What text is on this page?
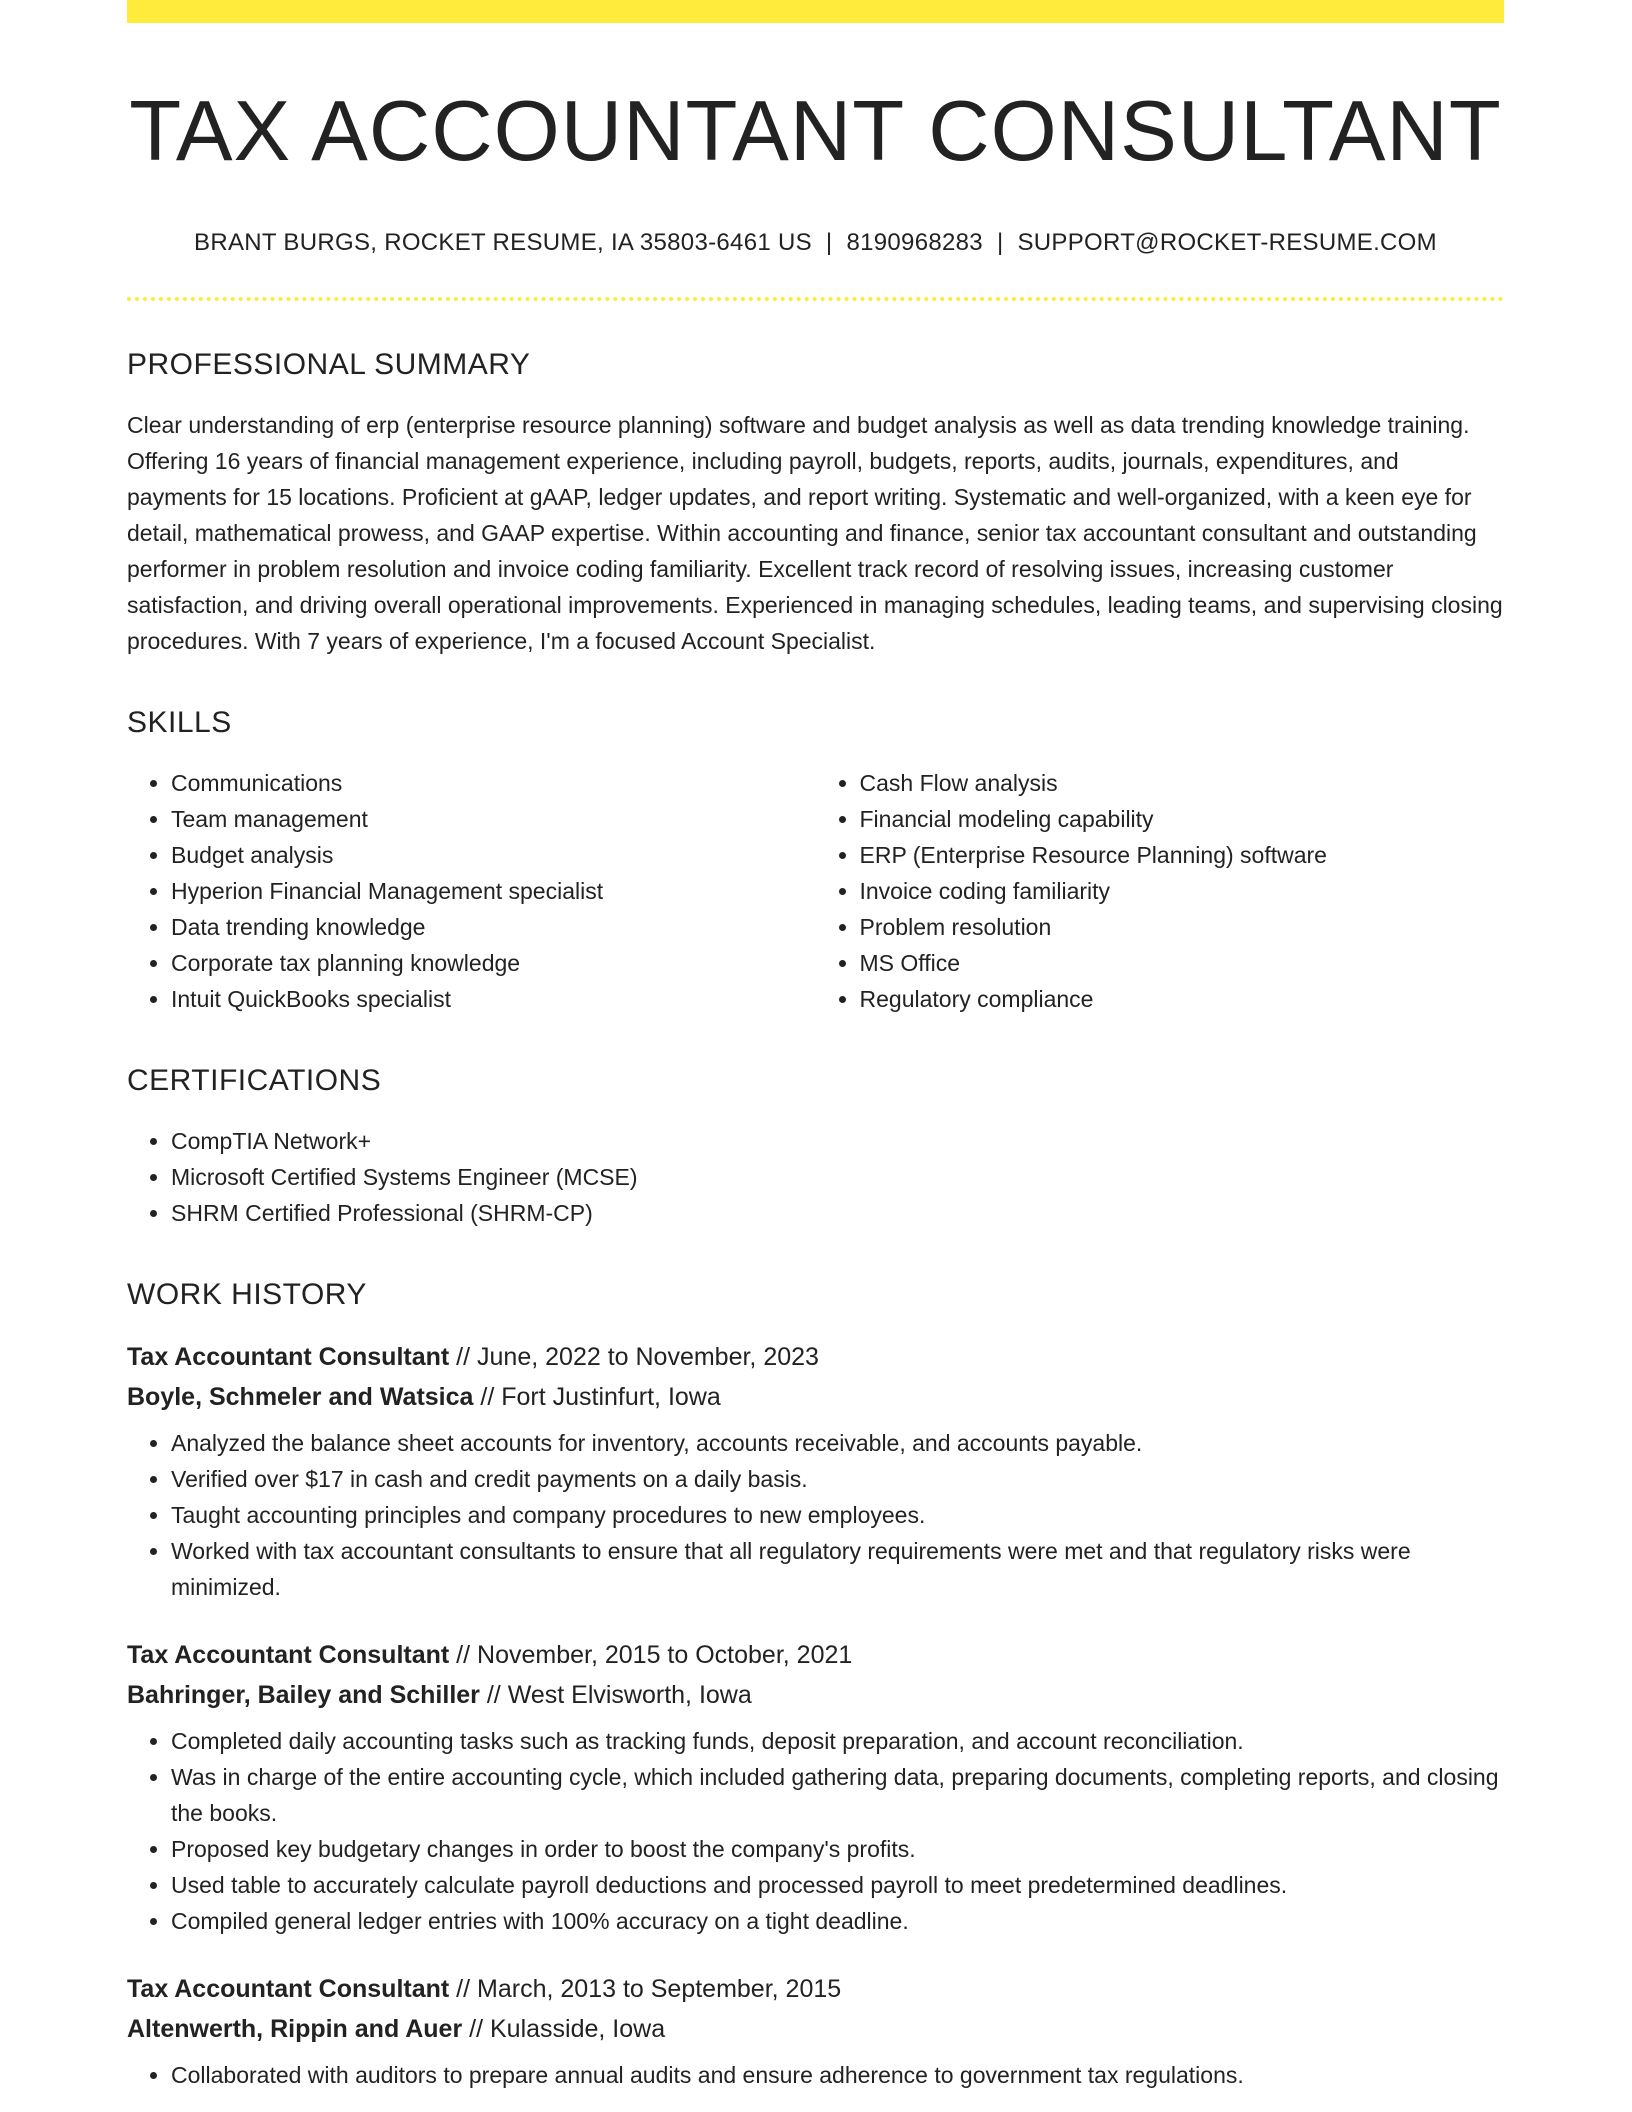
TAX ACCOUNTANT CONSULTANT
BRANT BURGS, ROCKET RESUME, IA 35803-6461 US | 8190968283 | SUPPORT@ROCKET-RESUME.COM
PROFESSIONAL SUMMARY

Clear understanding of erp (enterprise resource planning) software and budget analysis as well as data trending knowledge training. Offering 16 years of financial management experience, including payroll, budgets, reports, audits, journals, expenditures, and payments for 15 locations. Proficient at gAAP, ledger updates, and report writing. Systematic and well-organized, with a keen eye for detail, mathematical prowess, and GAAP expertise. Within accounting and finance, senior tax accountant consultant and outstanding performer in problem resolution and invoice coding familiarity. Excellent track record of resolving issues, increasing customer satisfaction, and driving overall operational improvements. Experienced in managing schedules, leading teams, and supervising closing procedures. With 7 years of experience, I'm a focused Account Specialist.

SKILLS
• Communications
• Team management
• Budget analysis
• Hyperion Financial Management specialist
• Data trending knowledge
• Corporate tax planning knowledge
• Intuit QuickBooks specialist
• Cash Flow analysis
• Financial modeling capability
• ERP (Enterprise Resource Planning) software
• Invoice coding familiarity
• Problem resolution
• MS Office
• Regulatory compliance
CERTIFICATIONS
• CompTIA Network+
• Microsoft Certified Systems Engineer (MCSE)
• SHRM Certified Professional (SHRM-CP)
WORK HISTORY
Tax Accountant Consultant // June, 2022 to November, 2023
Boyle, Schmeler and Watsica // Fort Justinfurt, Iowa
• Analyzed the balance sheet accounts for inventory, accounts receivable, and accounts payable.
• Verified over $17 in cash and credit payments on a daily basis.
• Taught accounting principles and company procedures to new employees.
• Worked with tax accountant consultants to ensure that all regulatory requirements were met and that regulatory risks were minimized.
Tax Accountant Consultant // November, 2015 to October, 2021
Bahringer, Bailey and Schiller // West Elvisworth, Iowa
• Completed daily accounting tasks such as tracking funds, deposit preparation, and account reconciliation.
• Was in charge of the entire accounting cycle, which included gathering data, preparing documents, completing reports, and closing the books.
• Proposed key budgetary changes in order to boost the company's profits.
• Used table to accurately calculate payroll deductions and processed payroll to meet predetermined deadlines.
• Compiled general ledger entries with 100% accuracy on a tight deadline.
Tax Accountant Consultant // March, 2013 to September, 2015
Altenwerth, Rippin and Auer // Kulasside, Iowa
• Collaborated with auditors to prepare annual audits and ensure adherence to government tax regulations.
